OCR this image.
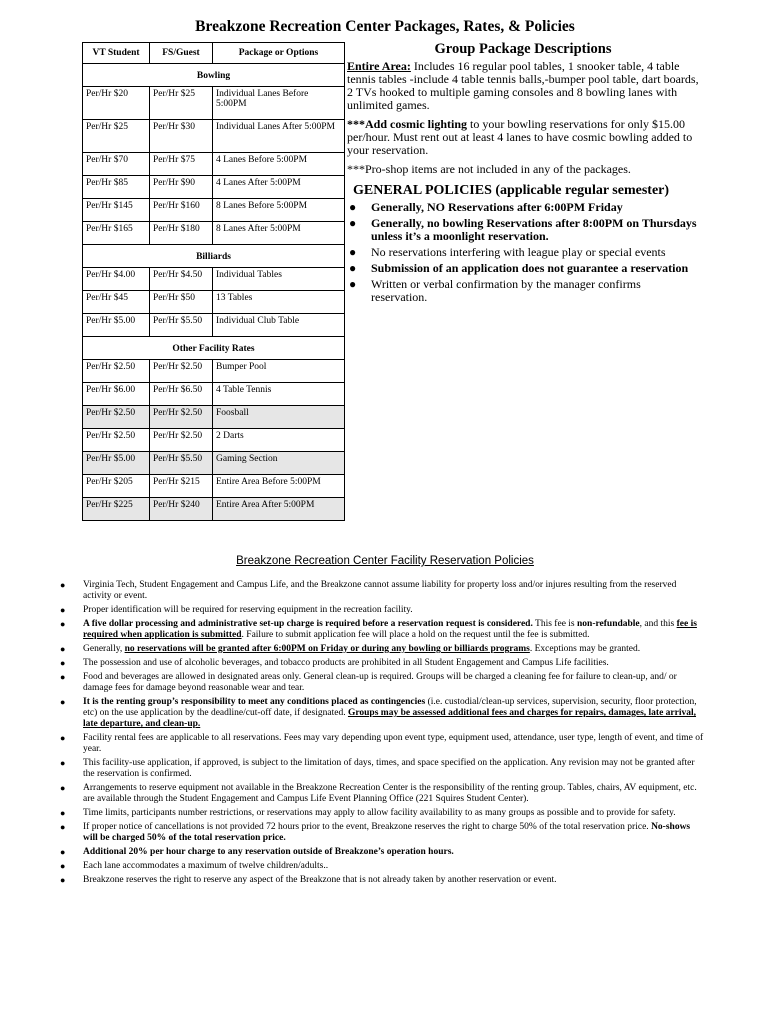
Breakzone Recreation Center Packages, Rates, & Policies
VT Student	FS/Guest	Package or Options
Bowling		
Per/Hr $20	Per/Hr $25	Individual Lanes Before 5:00PM
Per/Hr $25	Per/Hr $30	Individual Lanes After 5:00PM
Per/Hr $70	Per/Hr $75	4 Lanes Before 5:00PM
Per/Hr $85	Per/Hr $90	4 Lanes After 5:00PM
Per/Hr $145	Per/Hr $160	8 Lanes Before 5:00PM
Per/Hr $165	Per/Hr $180	8 Lanes After 5:00PM
Billiards		
Per/Hr $4.00	Per/Hr $4.50	Individual Tables
Per/Hr $45	Per/Hr $50	13 Tables
Per/Hr $5.00	Per/Hr $5.50	Individual Club Table
Other Facility Rates		
Per/Hr $2.50	Per/Hr $2.50	Bumper Pool
Per/Hr $6.00	Per/Hr $6.50	4 Table Tennis
Per/Hr $2.50	Per/Hr $2.50	Foosball
Per/Hr $2.50	Per/Hr $2.50	2 Darts
Per/Hr $5.00	Per/Hr $5.50	Gaming Section
Per/Hr $205	Per/Hr $215	Entire Area Before 5:00PM
Per/Hr $225	Per/Hr $240	Entire Area After 5:00PM
Group Package Descriptions

Entire Area: Includes 16 regular pool tables, 1 snooker table, 4 table tennis tables -include 4 table tennis balls,-bumper pool table, dart boards, 2 TVs hooked to multiple gaming consoles and 8 bowling lanes with unlimited games.

***Add cosmic lighting to your bowling reservations for only $15.00 per/hour. Must rent out at least 4 lanes to have cosmic bowling added to your reservation.

***Pro-shop items are not included in any of the packages.

GENERAL POLICIES (applicable regular semester)
● Generally, NO Reservations after 6:00PM Friday
● Generally, no bowling Reservations after 8:00PM on Thursdays unless it’s a moonlight reservation.
● No reservations interfering with league play or special events
● Submission of an application does not guarantee a reservation
● Written or verbal confirmation by the manager confirms reservation.
Breakzone Recreation Center Facility Reservation Policies
● Virginia Tech, Student Engagement and Campus Life, and the Breakzone cannot assume liability for property loss and/or injures resulting from the reserved activity or event.
● Proper identification will be required for reserving equipment in the recreation facility.
● A five dollar processing and administrative set-up charge is required before a reservation request is considered. This fee is non-refundable, and this fee is required when application is submitted. Failure to submit application fee will place a hold on the request until the fee is submitted.
● Generally, no reservations will be granted after 6:00PM on Friday or during any bowling or billiards programs. Exceptions may be granted.
● The possession and use of alcoholic beverages, and tobacco products are prohibited in all Student Engagement and Campus Life facilities.
● Food and beverages are allowed in designated areas only. General clean-up is required. Groups will be charged a cleaning fee for failure to clean-up, and/ or damage fees for damage beyond reasonable wear and tear.
● It is the renting group’s responsibility to meet any conditions placed as contingencies (i.e. custodial/clean-up services, supervision, security, floor protection, etc) on the use application by the deadline/cut-off date, if designated. Groups may be assessed additional fees and charges for repairs, damages, late arrival, late departure, and clean-up.
● Facility rental fees are applicable to all reservations. Fees may vary depending upon event type, equipment used, attendance, user type, length of event, and time of year.
● This facility-use application, if approved, is subject to the limitation of days, times, and space specified on the application. Any revision may not be granted after the reservation is confirmed.
● Arrangements to reserve equipment not available in the Breakzone Recreation Center is the responsibility of the renting group. Tables, chairs, AV equipment, etc. are available through the Student Engagement and Campus Life Event Planning Office (221 Squires Student Center).
● Time limits, participants number restrictions, or reservations may apply to allow facility availability to as many groups as possible and to provide for safety.
● If proper notice of cancellations is not provided 72 hours prior to the event, Breakzone reserves the right to charge 50% of the total reservation price. No-shows will be charged 50% of the total reservation price.
● Additional 20% per hour charge to any reservation outside of Breakzone’s operation hours.
● Each lane accommodates a maximum of twelve children/adults..
● Breakzone reserves the right to reserve any aspect of the Breakzone that is not already taken by another reservation or event.
